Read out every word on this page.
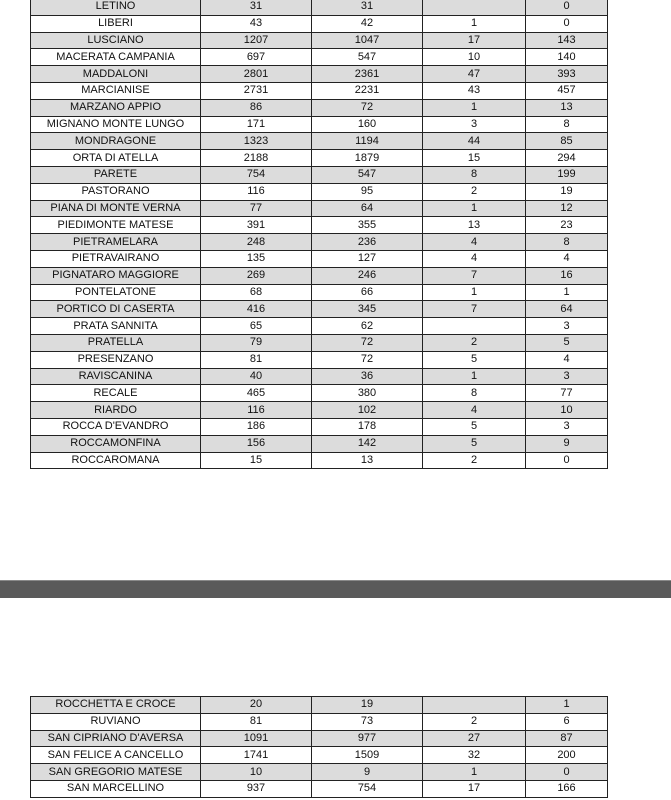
LETINO	31	31		0
LIBERI	43	42	1	0
LUSCIANO	1207	1047	17	143
MACERATA CAMPANIA	697	547	10	140
MADDALONI	2801	2361	47	393
MARCIANISE	2731	2231	43	457
MARZANO APPIO	86	72	1	13
MIGNANO MONTE LUNGO	171	160	3	8
MONDRAGONE	1323	1194	44	85
ORTA DI ATELLA	2188	1879	15	294
PARETE	754	547	8	199
PASTORANO	116	95	2	19
PIANA DI MONTE VERNA	77	64	1	12
PIEDIMONTE MATESE	391	355	13	23
PIETRAMELARA	248	236	4	8
PIETRAVAIRANO	135	127	4	4
PIGNATARO MAGGIORE	269	246	7	16
PONTELATONE	68	66	1	1
PORTICO DI CASERTA	416	345	7	64
PRATA SANNITA	65	62		3
PRATELLA	79	72	2	5
PRESENZANO	81	72	5	4
RAVISCANINA	40	36	1	3
RECALE	465	380	8	77
RIARDO	116	102	4	10
ROCCA D'EVANDRO	186	178	5	3
ROCCAMONFINA	156	142	5	9
ROCCAROMANA	15	13	2	0
ROCCHETTA E CROCE	20	19		1
RUVIANO	81	73	2	6
SAN CIPRIANO D'AVERSA	1091	977	27	87
SAN FELICE A CANCELLO	1741	1509	32	200
SAN GREGORIO MATESE	10	9	1	0
SAN MARCELLINO	937	754	17	166
